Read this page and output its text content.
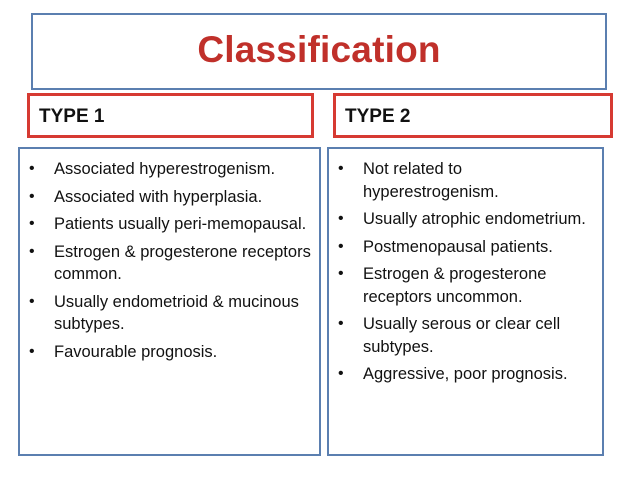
Classification
TYPE 1	TYPE 2
• Associated hyperestrogenism.
• Associated with hyperplasia.
• Patients usually peri-memopausal.
• Estrogen & progesterone receptors common.
• Usually endometrioid & mucinous subtypes.
• Favourable prognosis.
• Not related to hyperestrogenism.
• Usually atrophic endometrium.
• Postmenopausal patients.
• Estrogen & progesterone receptors uncommon.
• Usually serous or clear cell subtypes.
• Aggressive, poor prognosis.
